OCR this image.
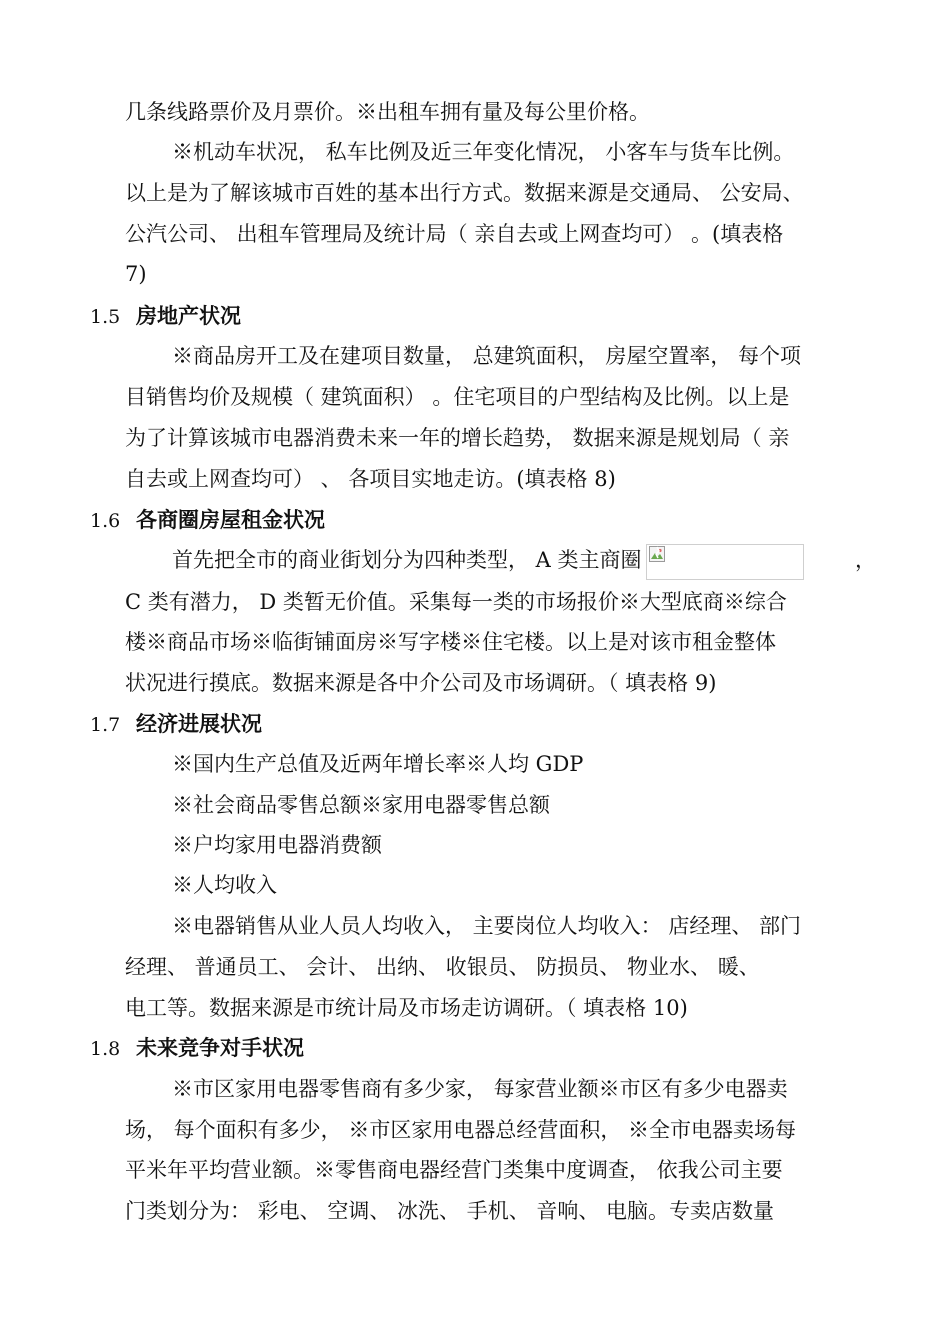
几条线路票价及月票价。※出租车拥有量及每公里价格。
※机动车状况， 私车比例及近三年变化情况， 小客车与货车比例。
以上是为了解该城市百姓的基本出行方式。数据来源是交通局、 公安局、
公汽公司、 出租车管理局及统计局（ 亲自去或上网查均可） 。(填表格
7)
1.5 房地产状况
※商品房开工及在建项目数量， 总建筑面积， 房屋空置率， 每个项
目销售均价及规模（ 建筑面积） 。住宅项目的户型结构及比例。以上是
为了计算该城市电器消费未来一年的增长趋势， 数据来源是规划局（ 亲
自去或上网查均可） 、 各项目实地走访。(填表格 8)
1.6 各商圈房屋租金状况
首先把全市的商业街划分为四种类型， A 类主商圈	，
C 类有潜力， D 类暂无价值。采集每一类的市场报价※大型底商※综合
楼※商品市场※临街铺面房※写字楼※住宅楼。以上是对该市租金整体
状况进行摸底。数据来源是各中介公司及市场调研。（ 填表格 9)
1.7 经济进展状况
※国内生产总值及近两年增长率※人均 GDP
※社会商品零售总额※家用电器零售总额
※户均家用电器消费额
※人均收入
※电器销售从业人员人均收入， 主要岗位人均收入： 店经理、 部门
经理、 普通员工、 会计、 出纳、 收银员、 防损员、 物业水、 暖、
电工等。数据来源是市统计局及市场走访调研。（ 填表格 10)
1.8 未来竞争对手状况
※市区家用电器零售商有多少家， 每家营业额※市区有多少电器卖
场， 每个面积有多少， ※市区家用电器总经营面积， ※全市电器卖场每
平米年平均营业额。※零售商电器经营门类集中度调查， 依我公司主要
门类划分为： 彩电、 空调、 冰洗、 手机、 音响、 电脑。专卖店数量
